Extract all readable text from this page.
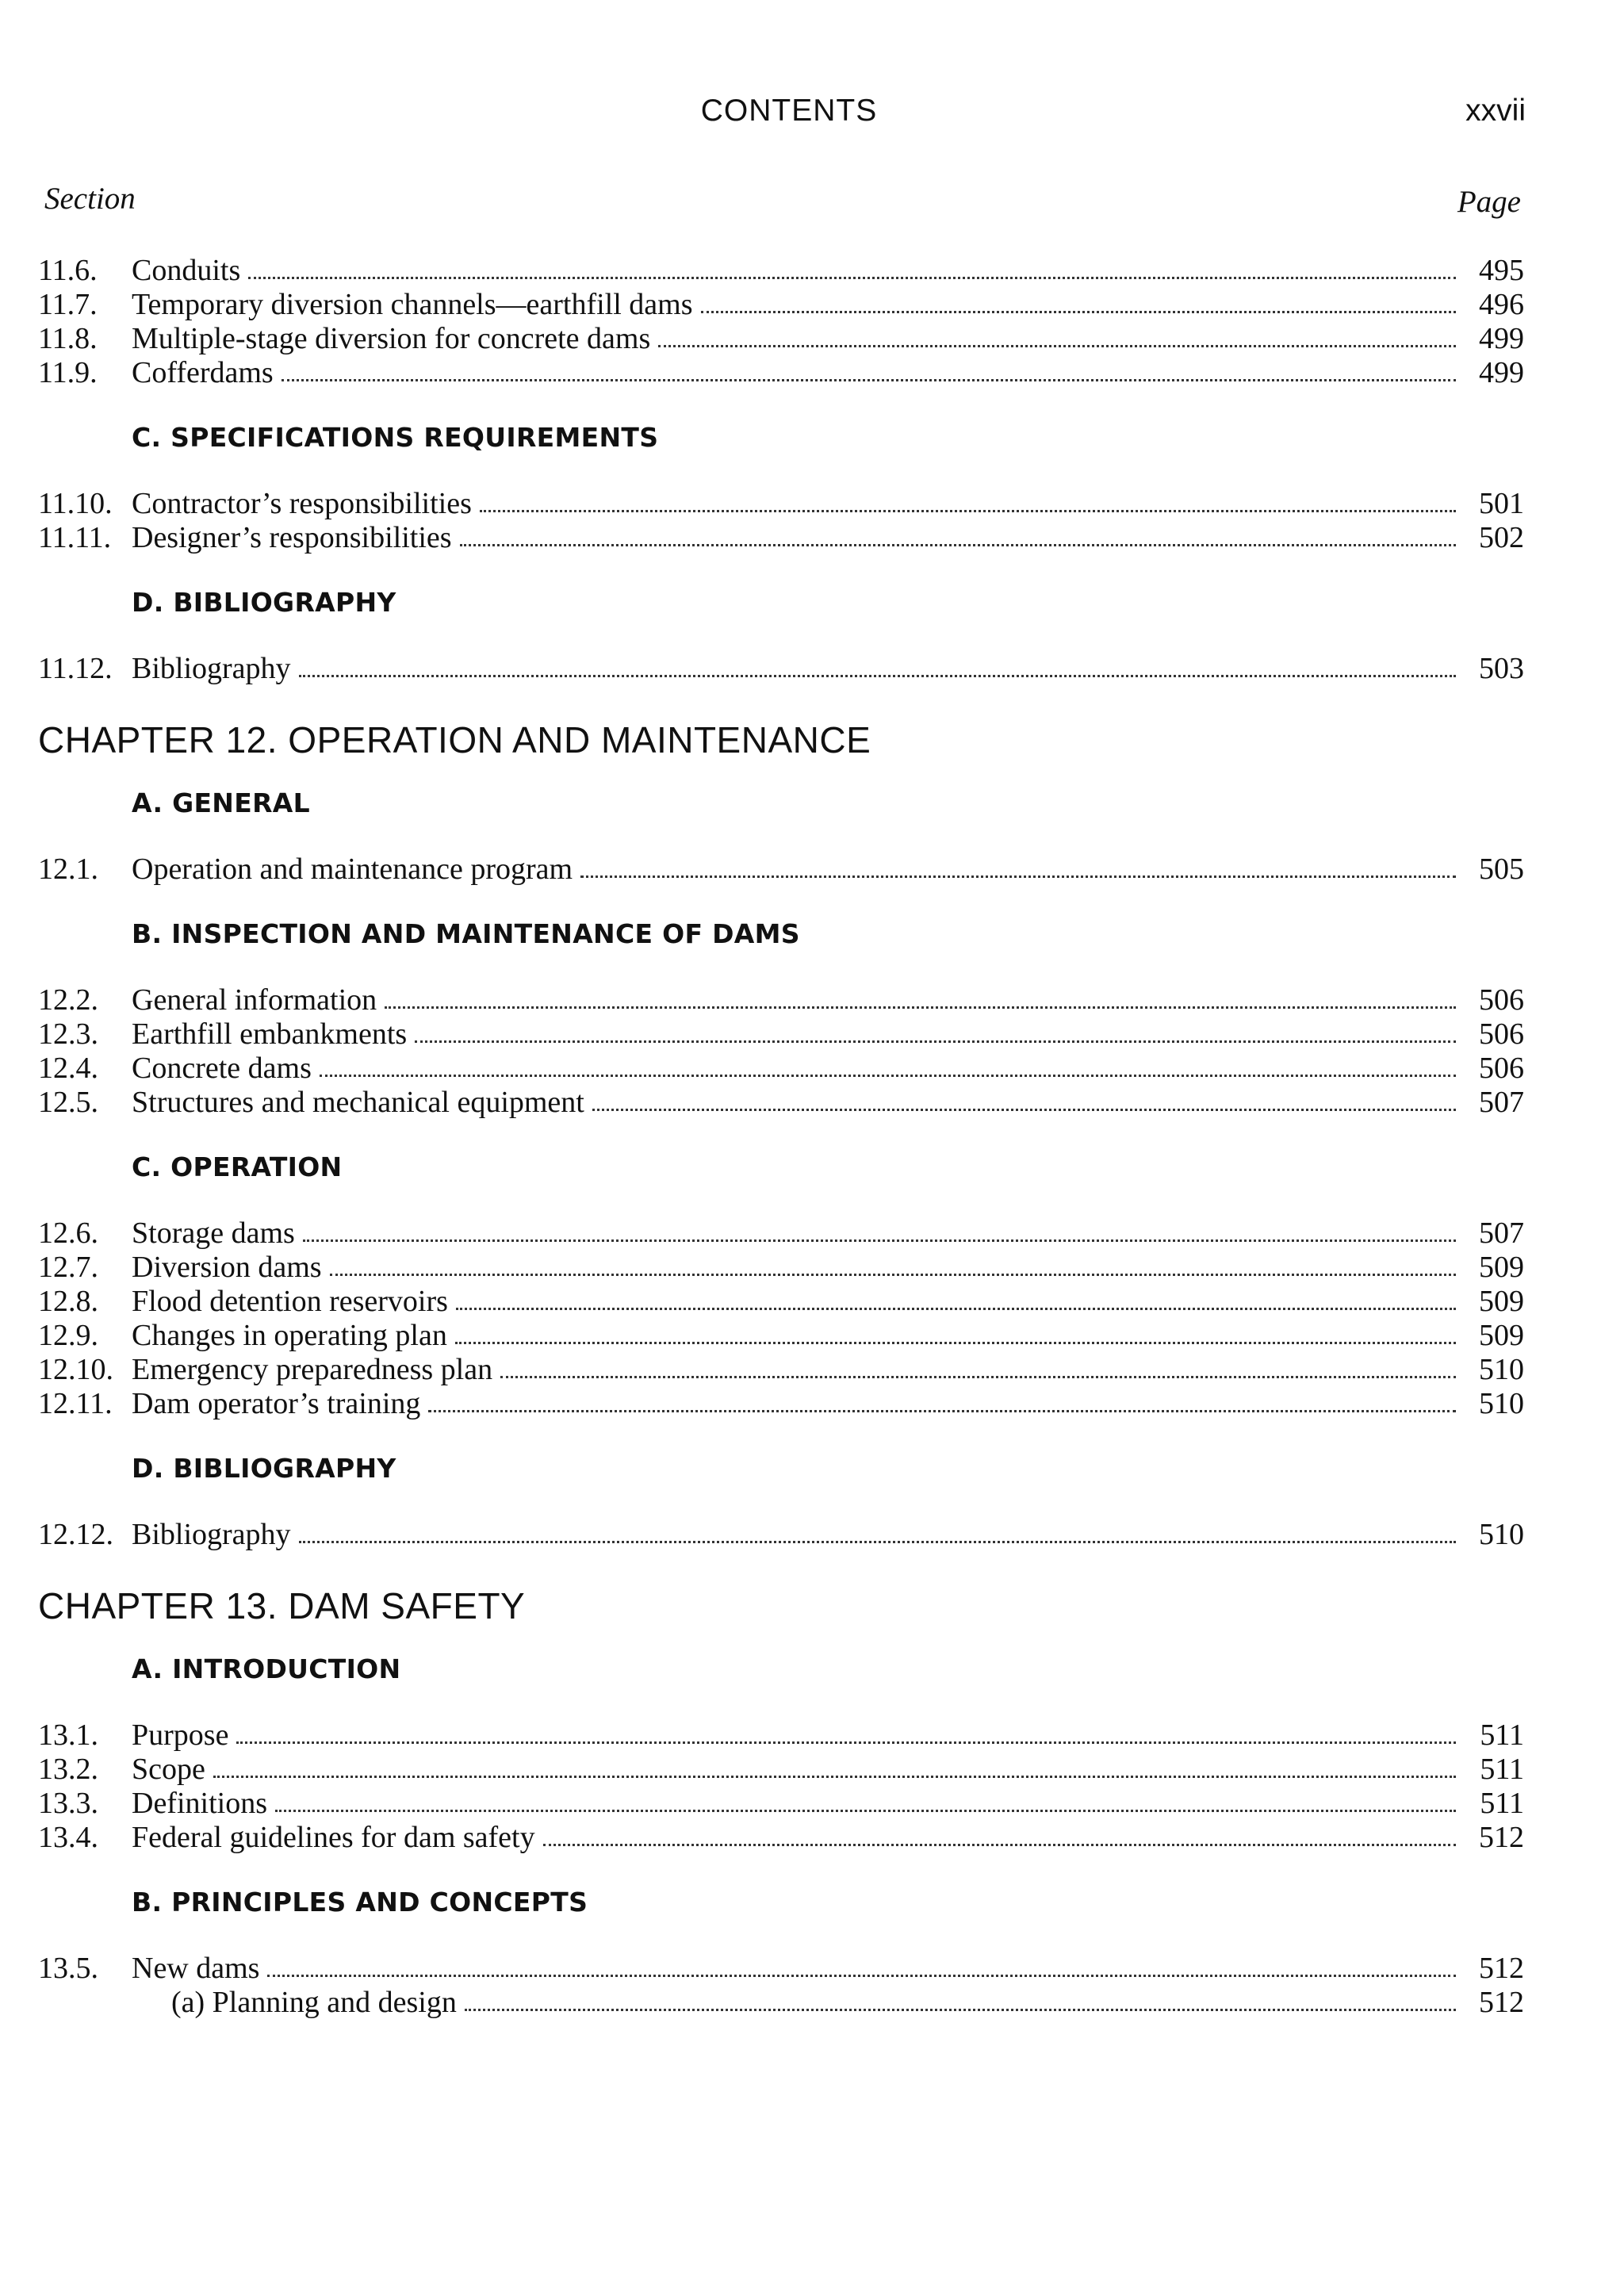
CONTENTS	xxvii
Section	Page
11.6.	Conduits	495
11.7.	Temporary diversion channels—earthfill dams	496
11.8.	Multiple-stage diversion for concrete dams	499
11.9.	Cofferdams	499
C. SPECIFICATIONS REQUIREMENTS
11.10. Contractor’s responsibilities	501
11.11. Designer’s responsibilities	502
D. BIBLIOGRAPHY
11.12. Bibliography	503
CHAPTER 12. OPERATION AND MAINTENANCE
A. GENERAL
12.1.	Operation and maintenance program	505
B. INSPECTION AND MAINTENANCE OF DAMS
12.2.	General information	506
12.3.	Earthfill embankments	506
12.4.	Concrete dams	506
12.5.	Structures and mechanical equipment	507
C. OPERATION
12.6.	Storage dams	507
12.7.	Diversion dams	509
12.8.	Flood detention reservoirs	509
12.9.	Changes in operating plan	509
12.10. Emergency preparedness plan	510
12.11. Dam operator’s training	510
D. BIBLIOGRAPHY
12.12. Bibliography	510
CHAPTER 13. DAM SAFETY
A. INTRODUCTION
13.1.	Purpose	511
13.2.	Scope	511
13.3.	Definitions	511
13.4.	Federal guidelines for dam safety	512
B. PRINCIPLES AND CONCEPTS
13.5.	New dams	512
(a) Planning and design	512
